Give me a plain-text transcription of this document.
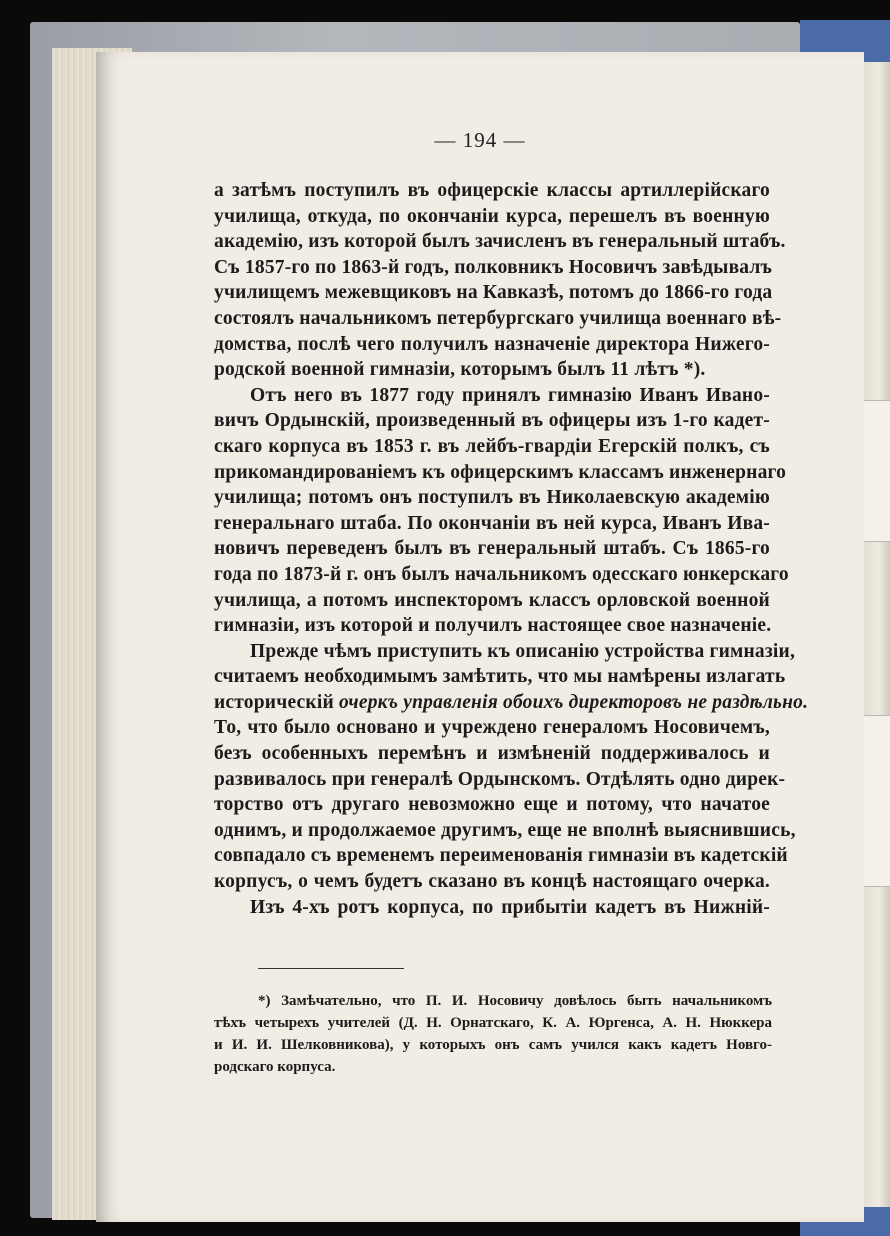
— 194 —
а затѣмъ поступилъ въ офицерскіе классы артиллерійскаго
училища, откуда, по окончаніи курса, перешелъ въ военную
академію, изъ которой былъ зачисленъ въ генеральный штабъ.
Съ 1857-го по 1863-й годъ, полковникъ Носовичъ завѣдывалъ
училищемъ межевщиковъ на Кавказѣ, потомъ до 1866-го года
состоялъ начальникомъ петербургскаго училища военнаго вѣ-
домства, послѣ чего получилъ назначеніе директора Нижего-
родской военной гимназіи, которымъ былъ 11 лѣтъ *).
Отъ него въ 1877 году принялъ гимназію Иванъ Ивано-
вичъ Ордынскій, произведенный въ офицеры изъ 1-го кадет-
скаго корпуса въ 1853 г. въ лейбъ-гвардіи Егерскій полкъ, съ
прикомандированіемъ къ офицерскимъ классамъ инженернаго
училища; потомъ онъ поступилъ въ Николаевскую академію
генеральнаго штаба. По окончаніи въ ней курса, Иванъ Ива-
новичъ переведенъ былъ въ генеральный штабъ. Съ 1865-го
года по 1873-й г. онъ былъ начальникомъ одесскаго юнкерскаго
училища, а потомъ инспекторомъ классъ орловской военной
гимназіи, изъ которой и получилъ настоящее свое назначеніе.
Прежде чѣмъ приступить къ описанію устройства гимназіи,
считаемъ необходимымъ замѣтить, что мы намѣрены излагать
историческій очеркъ управленія обоихъ директоровъ не раздѣльно.
То, что было основано и учреждено генераломъ Носовичемъ,
безъ особенныхъ перемѣнъ и измѣненій поддерживалось и
развивалось при генералѣ Ордынскомъ. Отдѣлять одно дирек-
торство отъ другаго невозможно еще и потому, что начатое
однимъ, и продолжаемое другимъ, еще не вполнѣ выяснившись,
совпадало съ временемъ переименованія гимназіи въ кадетскій
корпусъ, о чемъ будетъ сказано въ концѣ настоящаго очерка.
Изъ 4-хъ ротъ корпуса, по прибытіи кадетъ въ Нижній-
*) Замѣчательно, что П. И. Носовичу довѣлось быть начальникомъ
тѣхъ четырехъ учителей (Д. Н. Орнатскаго, К. А. Юргенса, А. Н. Нюккера
и И. И. Шелковникова), у которыхъ онъ самъ учился какъ кадетъ Новго-
родскаго корпуса.
